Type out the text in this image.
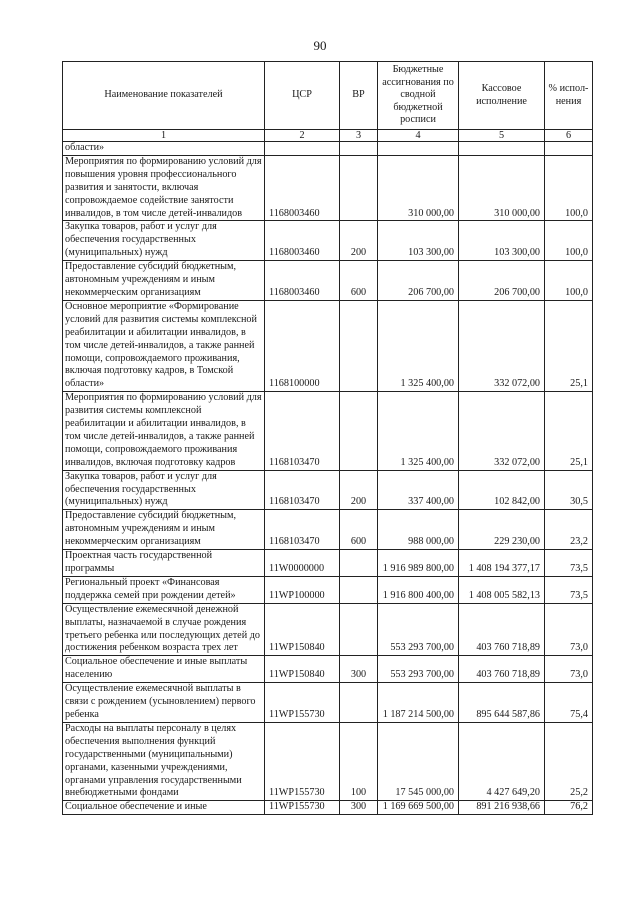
90
Наименование показателей	ЦСР	ВР	Бюджетные ассигнования по сводной бюджетной росписи	Кассовое исполнение	% испол-нения
1	2	3	4	5	6
области»					
Мероприятия по формированию условий для повышения уровня профессионального развития и занятости, включая сопровождаемое содействие занятости инвалидов, в том числе детей-инвалидов	1168003460		310 000,00	310 000,00	100,0
Закупка товаров, работ и услуг для обеспечения государственных (муниципальных) нужд	1168003460	200	103 300,00	103 300,00	100,0
Предоставление субсидий бюджетным, автономным учреждениям и иным некоммерческим организациям	1168003460	600	206 700,00	206 700,00	100,0
Основное мероприятие «Формирование условий для развития системы комплексной реабилитации и абилитации инвалидов, в том числе детей-инвалидов, а также ранней помощи, сопровождаемого проживания, включая подготовку кадров, в Томской области»	1168100000		1 325 400,00	332 072,00	25,1
Мероприятия по формированию условий для развития системы комплексной реабилитации и абилитации инвалидов, в том числе детей-инвалидов, а также ранней помощи, сопровождаемого проживания инвалидов, включая подготовку кадров	1168103470		1 325 400,00	332 072,00	25,1
Закупка товаров, работ и услуг для обеспечения государственных (муниципальных) нужд	1168103470	200	337 400,00	102 842,00	30,5
Предоставление субсидий бюджетным, автономным учреждениям и иным некоммерческим организациям	1168103470	600	988 000,00	229 230,00	23,2
Проектная часть государственной программы	11W0000000		1 916 989 800,00	1 408 194 377,17	73,5
Региональный проект «Финансовая поддержка семей при рождении детей»	11WP100000		1 916 800 400,00	1 408 005 582,13	73,5
Осуществление ежемесячной денежной выплаты, назначаемой в случае рождения третьего ребенка или последующих детей до достижения ребенком возраста трех лет	11WP150840		553 293 700,00	403 760 718,89	73,0
Социальное обеспечение и иные выплаты населению	11WP150840	300	553 293 700,00	403 760 718,89	73,0
Осуществление ежемесячной выплаты в связи с рождением (усыновлением) первого ребенка	11WP155730		1 187 214 500,00	895 644 587,86	75,4
Расходы на выплаты персоналу в целях обеспечения выполнения функций государственными (муниципальными) органами, казенными учреждениями, органами управления государственными внебюджетными фондами	11WP155730	100	17 545 000,00	4 427 649,20	25,2
Социальное обеспечение и иные	11WP155730	300	1 169 669 500,00	891 216 938,66	76,2
